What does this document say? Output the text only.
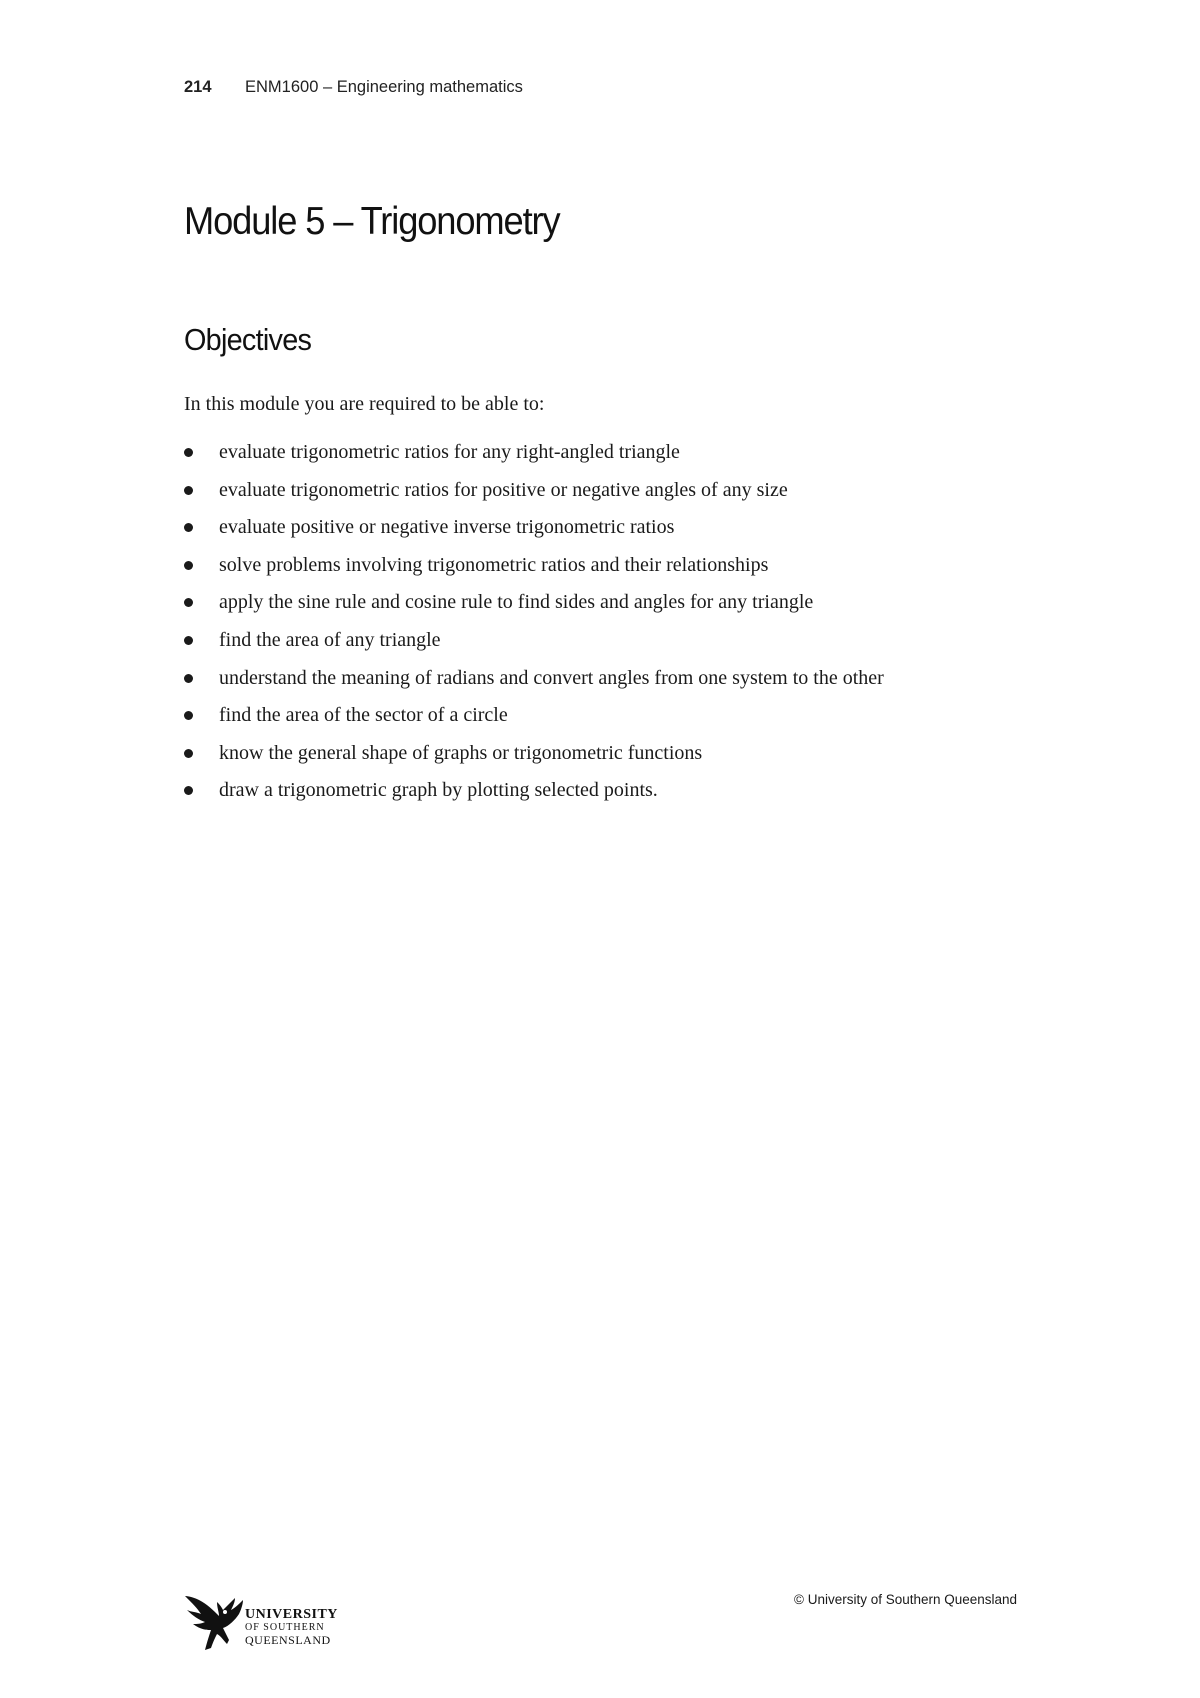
214 ENM1600 – Engineering mathematics
Module 5 – Trigonometry
Objectives

In this module you are required to be able to:

evaluate trigonometric ratios for any right-angled triangle
evaluate trigonometric ratios for positive or negative angles of any size
evaluate positive or negative inverse trigonometric ratios
solve problems involving trigonometric ratios and their relationships
apply the sine rule and cosine rule to find sides and angles for any triangle
find the area of any triangle
understand the meaning of radians and convert angles from one system to the other
find the area of the sector of a circle
know the general shape of graphs or trigonometric functions
draw a trigonometric graph by plotting selected points.
UNIVERSITY
OF SOUTHERN
QUEENSLAND
© University of Southern Queensland
